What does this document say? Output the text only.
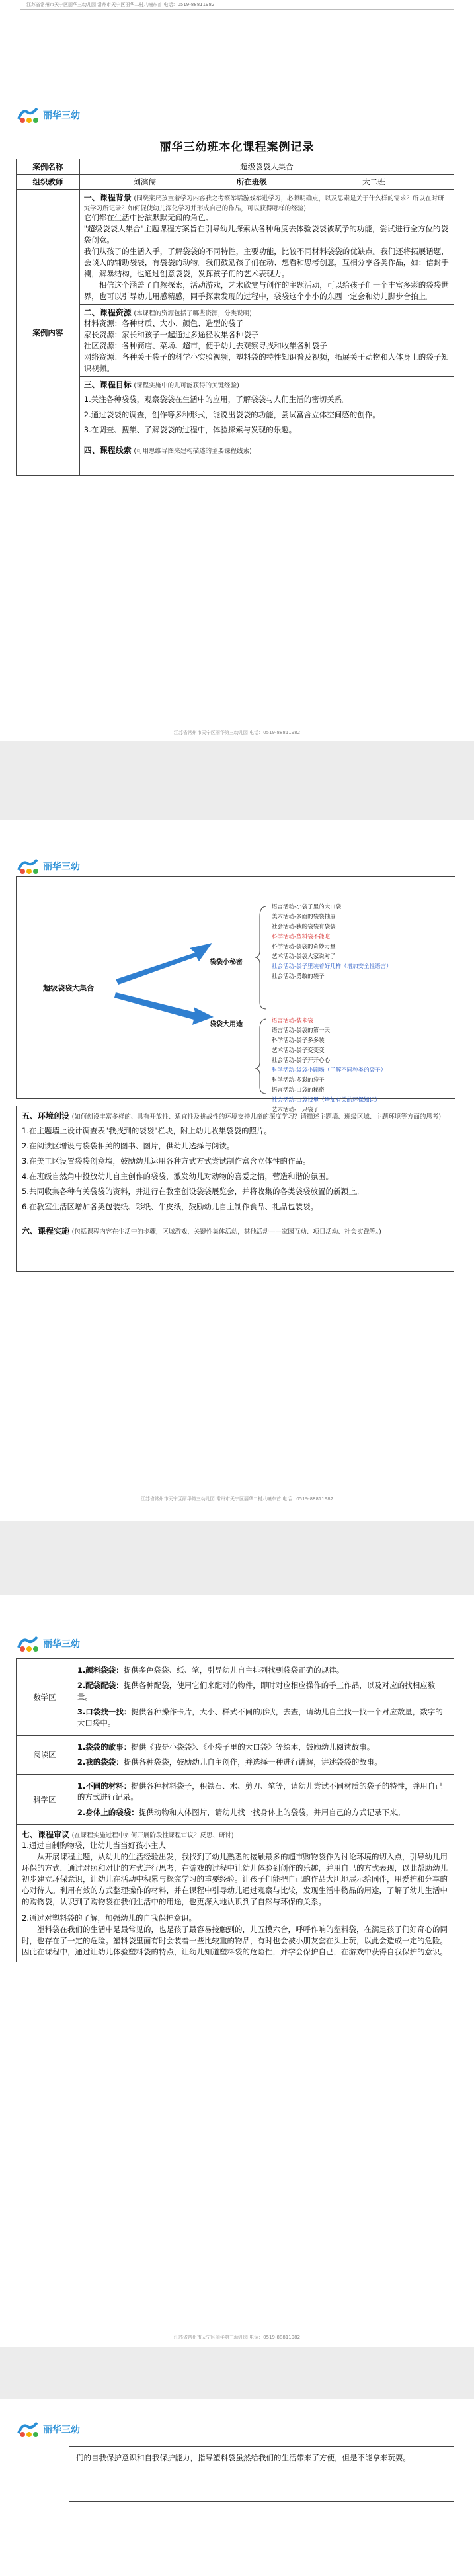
江苏省常州市天宁区丽华三幼儿园 常州市天宁区丽华二村八幢东首 电话：0519-88811982
丽华三幼
丽华三幼班本化课程案例记录
案例名称	超级袋袋大集合
组织教师	刘滨儒 所在班级 大二班

案例内容	一、课程背景 (围绕案尺孩童着学习内容我之考察举话游戏举进学习，必须明确点，以及思素是关于什么样的需求？所以在时研究学习所记录？如何促使幼儿深化学习并形成自己的作品，可以获得哪样的经验)

它们都在生活中扮演默默无闻的角色。

"超级袋袋大集合"主题课程方案旨在引导幼儿探索从各种角度去体验袋袋被赋予的功能，尝试进行全方位的袋袋创意。

我们从孩子的生活入手，了解袋袋的不同特性，主要功能，比较不同材料袋袋的优缺点。我们还将拓展话题，会谈大的辅助袋袋，有袋袋的动物。我们鼓励孩子们在动、想看和思考创意，互相分享各类作品，如：信封手襴，解暴结构，也通过创意袋袋，发挥孩子们的艺术表现力。

相信这个涵盖了自然探索，活动游戏，艺术欣赏与创作的主题活动，可以给孩子们一个丰富多彩的袋袋世界，也可以引导幼儿用感精感，同手探索发现的过程中，袋袋这个小小的东西一定会和幼儿脚步合拍上。

	二、课程资源 (本课程的资源包括了哪些资源，分类说明)

材料资源：各种材质、大小、颜色、造型的袋子

家长资源：家长和孩子一起通过多途径收集各种袋子

社区资源：各种商店、菜场、超市，便于幼儿去观察寻找和收集各种袋子

网络资源：各种关于袋子的科学小实验视频，塑料袋的特性知识普及视频，拓展关于动物和人体身上的袋子知识视频。

	三、课程目标 (课程实施中的儿可能获得的关键经验)

1.关注各种袋袋，观察袋袋在生活中的应用，了解袋袋与人们生活的密切关系。

2.通过袋袋的调查，创作等多种形式，能说出袋袋的功能，尝试富含立体空间感的创作。

3.在调查、搜集、了解袋袋的过程中，体验探索与发现的乐趣。

	四、课程线索 (可用思维导图来建构描述的主要课程线索)
江苏省常州市天宁区丽华第三幼儿园 电话：0519-88811982
丽华三幼
超级袋袋大集合
袋袋小秘密
袋袋大用途
语言活动-小袋子里的大口袋
美术活动-多面的袋袋抽屉
社会活动-我的袋袋有袋袋
科学活动-塑料袋不能吃
科学活动-袋袋的奇妙力量
艺术活动-袋袋大家说对了
社会活动-袋子里装着好几样（增加安全性语言）
社会活动-勇敢的袋子
语言活动-装米袋
语言活动-袋袋的第一天
科学活动-袋子多多装
艺术活动-袋子变变变
社会活动-袋子开开心心
科学活动-袋袋小剧场（了解不同种类的袋子）
科学活动-多彩的袋子
语言活动-口袋的秘密
社会活动-口袋找里（增加有关的环保知识）
艺术活动-一只袋子
五、环境创设 (如何创设丰富多样的、具有开放性、适宜性及挑战性的环境支持儿童的深度学习？请描述主题墙、班级区域、主题环境等方面的思考)

1.在主题墙上设计调查表"我找到的袋袋"栏块，附上幼儿收集袋袋的照片。

2.在阅读区增设与袋袋相关的图书、图片，供幼儿选择与阅读。

3.在美工区设置袋袋创意墙，鼓励幼儿运用各种方式方式尝试制作富含立体性的作品。

4.在班级自然角中投放幼儿自主创作的袋袋，激发幼儿对动物的喜爱之情，营造和谐的氛围。

5.共同收集各种有关袋袋的资料，并进行在教室创设袋袋展览会，并将收集的各类袋袋放置的新颖上。

6.在教室生活区增加各类包装纸、彩纸、牛皮纸，鼓励幼儿自主制作食品、礼品包装袋。

六、课程实施 (包括课程内容在生活中的步骤，区域游戏，关键性集体活动，其他活动——家园互动、项目活动、社会实践等。)
江苏省常州市天宁区丽华第三幼儿园 常州市天宁区丽华二村八幢东首 电话：0519-88811982

丽华三幼
数学区	1.颜料袋袋：提供多色袋袋、纸、笔，引导幼儿自主排列找到袋袋正确的规律。

2.配袋配袋：提供各种配袋，使用它们来配对的物件，即时对应相应操作的手工作品，以及对应的找相应数量。

3.口袋找一找：提供各种操作卡片，大小、样式不同的形状，去查，请幼儿自主找一找一个对应数量，数字的大口袋中。

阅读区	1.袋袋的故事：提供《我是小袋袋》、《小袋子里的大口袋》等绘本，鼓励幼儿阅读故事。

2.我的袋袋：提供各种袋袋，鼓励幼儿自主创作，并选择一种进行讲解，讲述袋袋的故事。

科学区	1.不同的材料：提供各种材料袋子，积铁石、水、剪刀、笔等，请幼儿尝试不同材质的袋子的特性，并用自己的方式进行记录。

2.身体上的袋袋：提供动物和人体图片，请幼儿找一找身体上的袋袋，并用自己的方式记录下来。

七、课程审议 (在课程实施过程中如何开展阶段性课程审议？反思、研讨)

1.通过自制购物袋，让幼儿当当好孩小主人

从开展课程主题，从幼儿的生活经验出发，我找到了幼儿熟悉的接触最多的超市购物袋作为讨论环境的切入点，引导幼儿用环保的方式，通过对照和对比的方式进行思考，在游戏的过程中让幼儿体验到创作的乐趣，并用自己的方式表现，以此帮助幼儿初步建立环保意识，让幼儿在活动中积累与探究学习的重要经验。让孩子们能把自己的作品大胆地展示给同伴，用爱护和分享的心对待人。利用有效的方式整理操作的材料，并在课程中引导幼儿通过观察与比较，发现生活中物品的用途，了解了幼儿生活中的购物袋，认识到了购物袋在我们生活中的用途，也更深入地认识到了自然与环保的关系。

2.通过对塑料袋的了解，加强幼儿的自我保护意识。

塑料袋在我们的生活中是最常见的，也是孩子最容易接触到的，儿五摸六合，呼呼作响的塑料袋，在满足孩子们好奇心的同时，也存在了一定的危险。塑料袋里面有时会装着一些比较重的物品，有时也会被小朋友套在头上玩，以此会造成一定的危险。因此在课程中，通过让幼儿体验塑料袋的特点，让幼儿知道塑料袋的危险性，并学会保护自己，在游戏中获得自我保护的意识。	

江苏省常州市天宁区丽华第三幼儿园 电话：0519-88811982
丽华三幼

们的自我保护意识和自我保护能力，指导塑料袋虽然给我们的生活带来了方便，但是不能拿来玩耍。
